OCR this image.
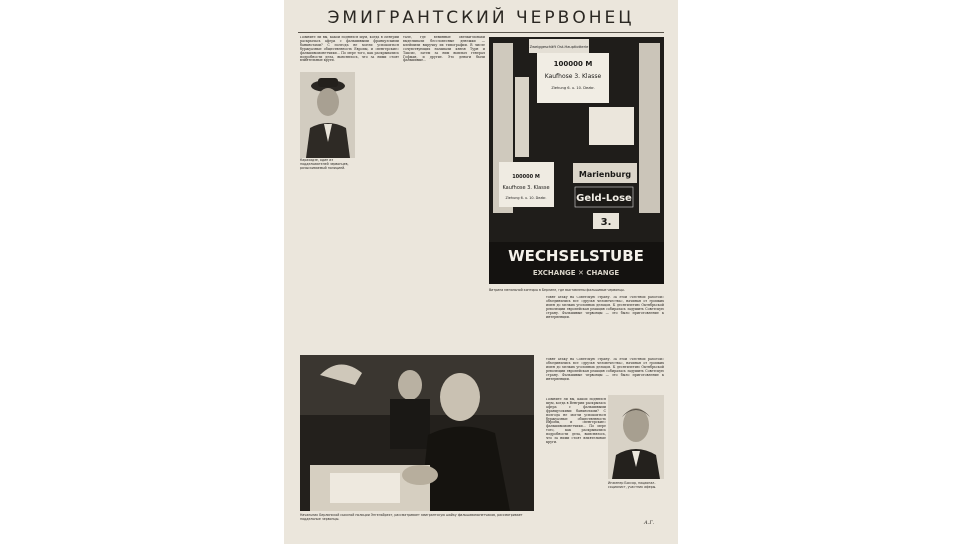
ЭМИГРАНТСКИЙ ЧЕРВОНЕЦ
Помните ли вы, какой поднялся шум, когда в Венгрии раскрылась афера с фальшивыми французскими банкнотами? С полгода не могли успокоиться буржуазные общественность Европы, и «венгерские» фальшивомонетчики... По мере того, как раскрывались подробности дела, выяснялось, что за ними стоят влиятельные круги.
Карахадзе, один из подделывателей червонцев, разыскиваемый полицией.
тале, где вевинные овечки-монахи выделывали бессловесные денежки — клеймили выручку их типографии. В числе сочувствующих называли князя Турн и Таксис, затем за ним выплыл генерал Гофман, и другие. Это деньги были фальшивые...
Zweiggeschäft Ost-Hauptlotterie
100000 M
Kaufhose 3. Klasse
Ziehung 6. u. 10. Dezbr.
100000 M
Kaufhose 3. Klasse
Ziehung 6. u. 10. Dezbr.
Marienburg
Geld-Lose
3.
WECHSELSTUBE
EXCHANGE ✕ CHANGE
Витрина меняльной конторы в Берлине, где выставлены фальшивые червонцы.
товят атаку на Советскую страну. За этой «честной работой» объединились все «друзья человечества», начиная от громких имен до мелких уголовных дельцов. К десятилетию Октябрьской революции европейская реакция собиралась задушить Советскую страну. Фальшивые червонцы — это было приготовление к интервенции.
Начальник Берлинской сыскной полиции Энгельбрехт, рассматривает эмигрантскую шайку фальшивомонетчиков, рассматривает поддельные червонцы.
товят атаку на Советскую страну. За этой «честной работой» объединились все «друзья человечества», начиная от громких имен до мелких уголовных дельцов. К десятилетию Октябрьской революции европейская реакция собиралась задушить Советскую страну. Фальшивые червонцы — это было приготовление к интервенции.
Помните ли вы, какой поднялся шум, когда в Венгрии раскрылась афера с фальшивыми французскими банкнотами? С полгода не могли успокоиться буржуазные общественность Европы, и «венгерские» фальшивомонетчики... По мере того, как раскрывались подробности дела, выяснялось, что за ними стоят влиятельные круги.
Инженер Боссар, национал-социалист, участник аферы.
А.Г.
